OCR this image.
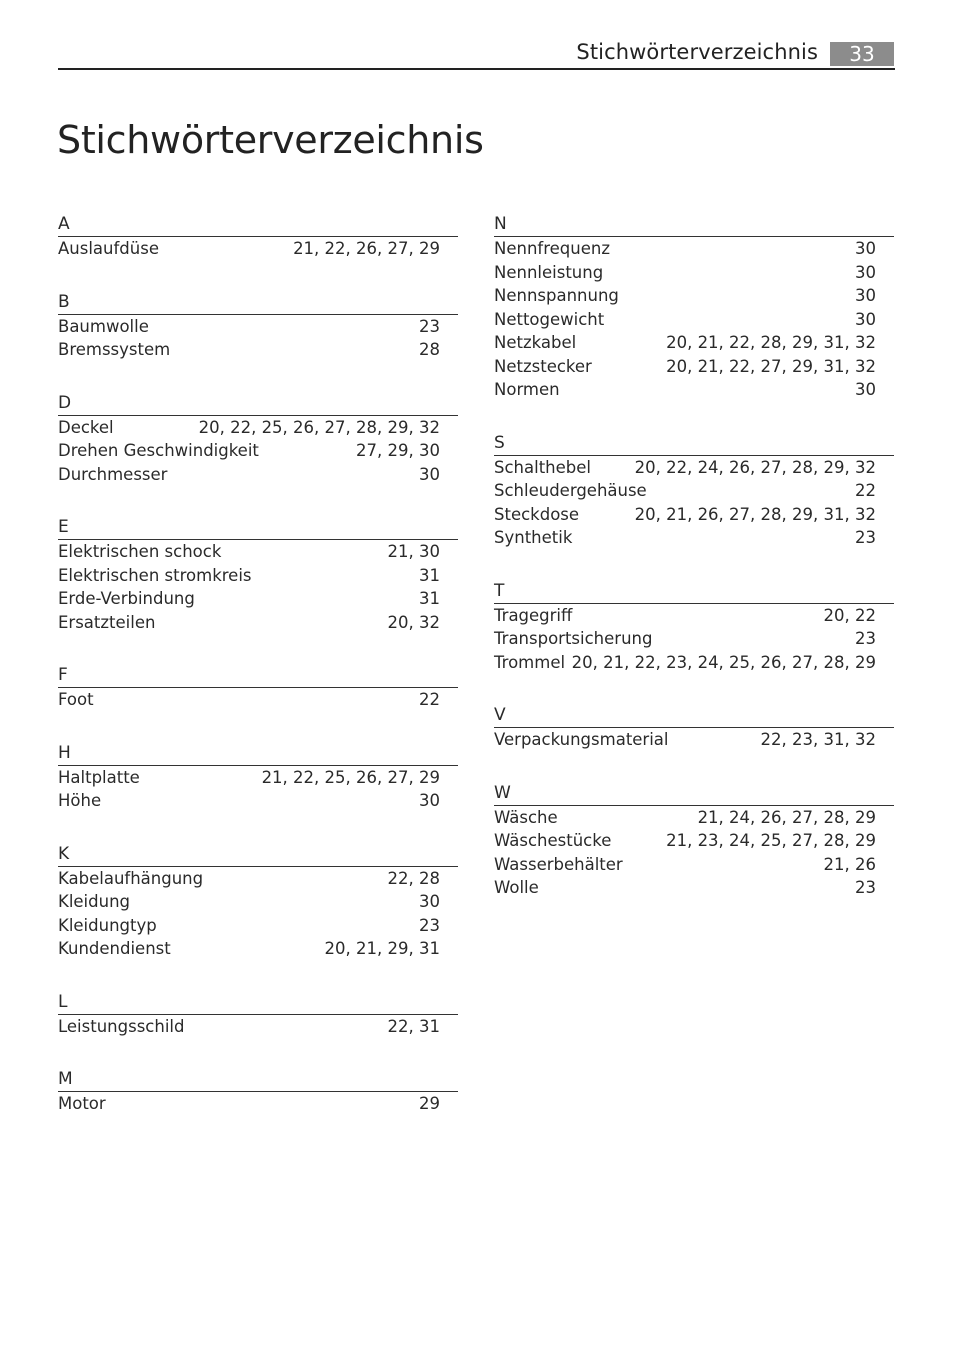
Stichwörterverzeichnis	33
Stichwörterverzeichnis
A
Auslaufdüse	21, 22, 26, 27, 29
B
Baumwolle	23
Bremssystem	28
D
Deckel	20, 22, 25, 26, 27, 28, 29, 32
Drehen Geschwindigkeit	27, 29, 30
Durchmesser	30
E
Elektrischen schock	21, 30
Elektrischen stromkreis	31
Erde-Verbindung	31
Ersatzteilen	20, 32
F
Foot	22
H
Haltplatte	21, 22, 25, 26, 27, 29
Höhe	30
K
Kabelaufhängung	22, 28
Kleidung	30
Kleidungtyp	23
Kundendienst	20, 21, 29, 31
L
Leistungsschild	22, 31
M
Motor	29
N
Nennfrequenz	30
Nennleistung	30
Nennspannung	30
Nettogewicht	30
Netzkabel	20, 21, 22, 28, 29, 31, 32
Netzstecker	20, 21, 22, 27, 29, 31, 32
Normen	30
S
Schalthebel	20, 22, 24, 26, 27, 28, 29, 32
Schleudergehäuse	22
Steckdose	20, 21, 26, 27, 28, 29, 31, 32
Synthetik	23
T
Tragegriff	20, 22
Transportsicherung	23
Trommel 20, 21, 22, 23, 24, 25, 26, 27, 28, 29
V
Verpackungsmaterial	22, 23, 31, 32
W
Wäsche	21, 24, 26, 27, 28, 29
Wäschestücke	21, 23, 24, 25, 27, 28, 29
Wasserbehälter	21, 26
Wolle	23
